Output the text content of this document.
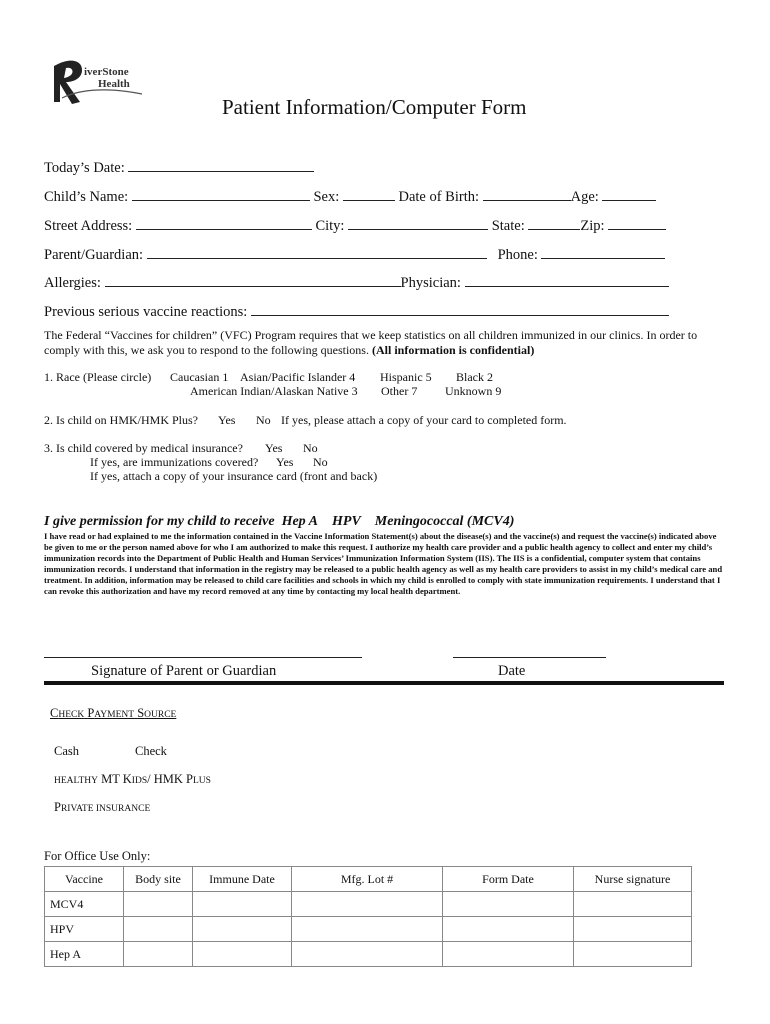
iverStone
Health
Patient Information/Computer Form
Today’s Date:
Child’s Name:	Sex:	Date of Birth:	Age:
Street Address:	City:	State:	Zip:
Parent/Guardian:	Phone:
Allergies:	Physician:
Previous serious vaccine reactions:
The Federal “Vaccines for children” (VFC) Program requires that we keep statistics on all children immunized in our clinics. In order to comply with this, we ask you to respond to the following questions. (All information is confidential)
1. Race (Please circle) Caucasian 1 Asian/Pacific Islander 4 Hispanic 5 Black 2
American Indian/Alaskan Native 3 Other 7 Unknown 9
2. Is child on HMK/HMK Plus? Yes No If yes, please attach a copy of your card to completed form.
3. Is child covered by medical insurance? Yes No
If yes, are immunizations covered? Yes No
If yes, attach a copy of your insurance card (front and back)
I give permission for my child to receive Hep A HPV Meningococcal (MCV4)
I have read or had explained to me the information contained in the Vaccine Information Statement(s) about the disease(s) and the vaccine(s) and request the vaccine(s) indicated above be given to me or the person named above for who I am authorized to make this request. I authorize my health care provider and a public health agency to collect and enter my child’s immunization records into the Department of Public Health and Human Services’ Immunization Information System (IIS). The IIS is a confidential, computer system that contains immunization records. I understand that information in the registry may be released to a public health agency as well as my health care providers to assist in my child’s medical care and treatment. In addition, information may be released to child care facilities and schools in which my child is enrolled to comply with state immunization requirements. I understand that I can revoke this authorization and have my record removed at any time by contacting my local health department.
Signature of Parent or Guardian	Date
CHECK PAYMENT SOURCE
Cash	Check
HEALTHY MT KIDS/ HMK PLUS
PRIVATE INSURANCE
For Office Use Only:
Vaccine	Body site	Immune Date	Mfg. Lot #	Form Date	Nurse signature
MCV4					
HPV					
Hep A					
